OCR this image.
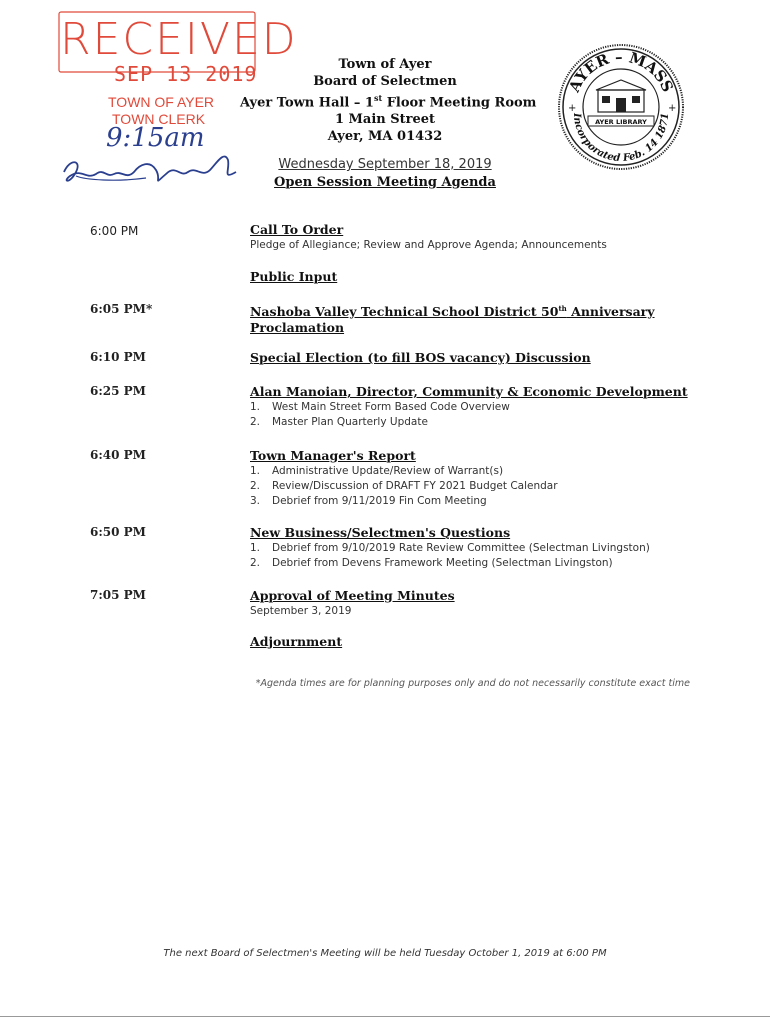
RECEIVED
SEP 13 2019
TOWN OF AYER
TOWN CLERK
9:15am
Town of Ayer
Board of Selectmen
Ayer Town Hall – 1st Floor Meeting Room
1 Main Street
Ayer, MA 01432
Wednesday September 18, 2019
Open Session Meeting Agenda
AYER – MASS
Incorporated Feb. 14 1871
AYER LIBRARY
+	+
6:00 PM	Call To Order
Pledge of Allegiance; Review and Approve Agenda; Announcements
Public Input
6:05 PM*	Nashoba Valley Technical School District 50th Anniversary
Proclamation
6:10 PM	Special Election (to fill BOS vacancy) Discussion
6:25 PM	Alan Manoian, Director, Community & Economic Development
1. West Main Street Form Based Code Overview
2. Master Plan Quarterly Update
6:40 PM	Town Manager's Report
1. Administrative Update/Review of Warrant(s)
2. Review/Discussion of DRAFT FY 2021 Budget Calendar
3. Debrief from 9/11/2019 Fin Com Meeting
6:50 PM	New Business/Selectmen's Questions
1. Debrief from 9/10/2019 Rate Review Committee (Selectman Livingston)
2. Debrief from Devens Framework Meeting (Selectman Livingston)
7:05 PM	Approval of Meeting Minutes
September 3, 2019
Adjournment
*Agenda times are for planning purposes only and do not necessarily constitute exact time
The next Board of Selectmen's Meeting will be held Tuesday October 1, 2019 at 6:00 PM
